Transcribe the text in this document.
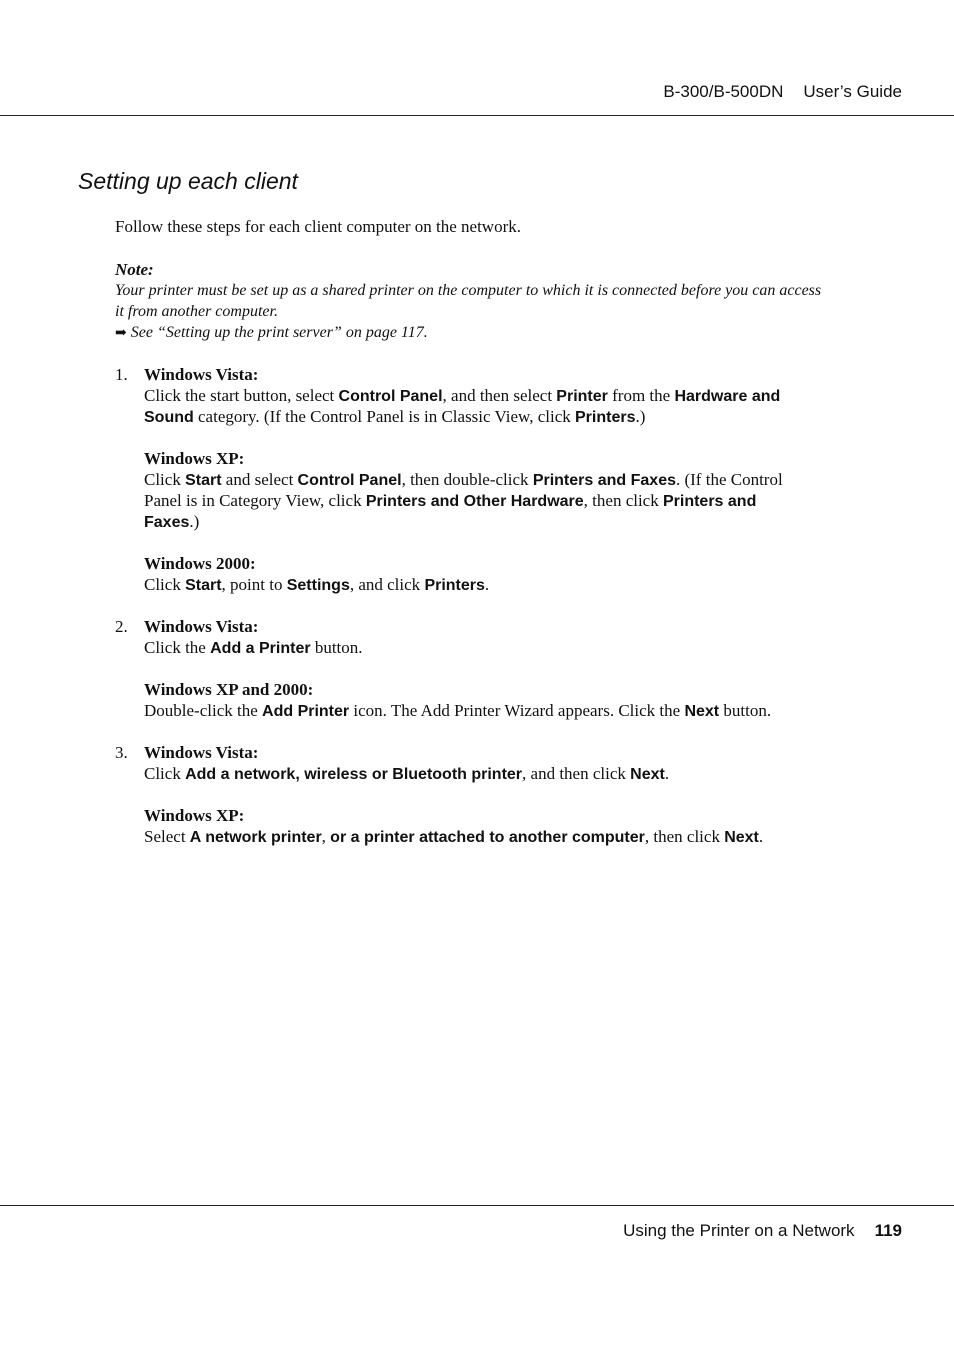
B-300/B-500DN User’s Guide
Setting up each client
Follow these steps for each client computer on the network.
Note:
Your printer must be set up as a shared printer on the computer to which it is connected before you can access
it from another computer.
➡ See “Setting up the print server” on page 117.
1. Windows Vista:
Click the start button, select Control Panel, and then select Printer from the Hardware and
Sound category. (If the Control Panel is in Classic View, click Printers.)
Windows XP:
Click Start and select Control Panel, then double-click Printers and Faxes. (If the Control
Panel is in Category View, click Printers and Other Hardware, then click Printers and
Faxes.)
Windows 2000:
Click Start, point to Settings, and click Printers.
2. Windows Vista:
Click the Add a Printer button.
Windows XP and 2000:
Double-click the Add Printer icon. The Add Printer Wizard appears. Click the Next button.
3. Windows Vista:
Click Add a network, wireless or Bluetooth printer, and then click Next.
Windows XP:
Select A network printer, or a printer attached to another computer, then click Next.
Using the Printer on a Network 119
